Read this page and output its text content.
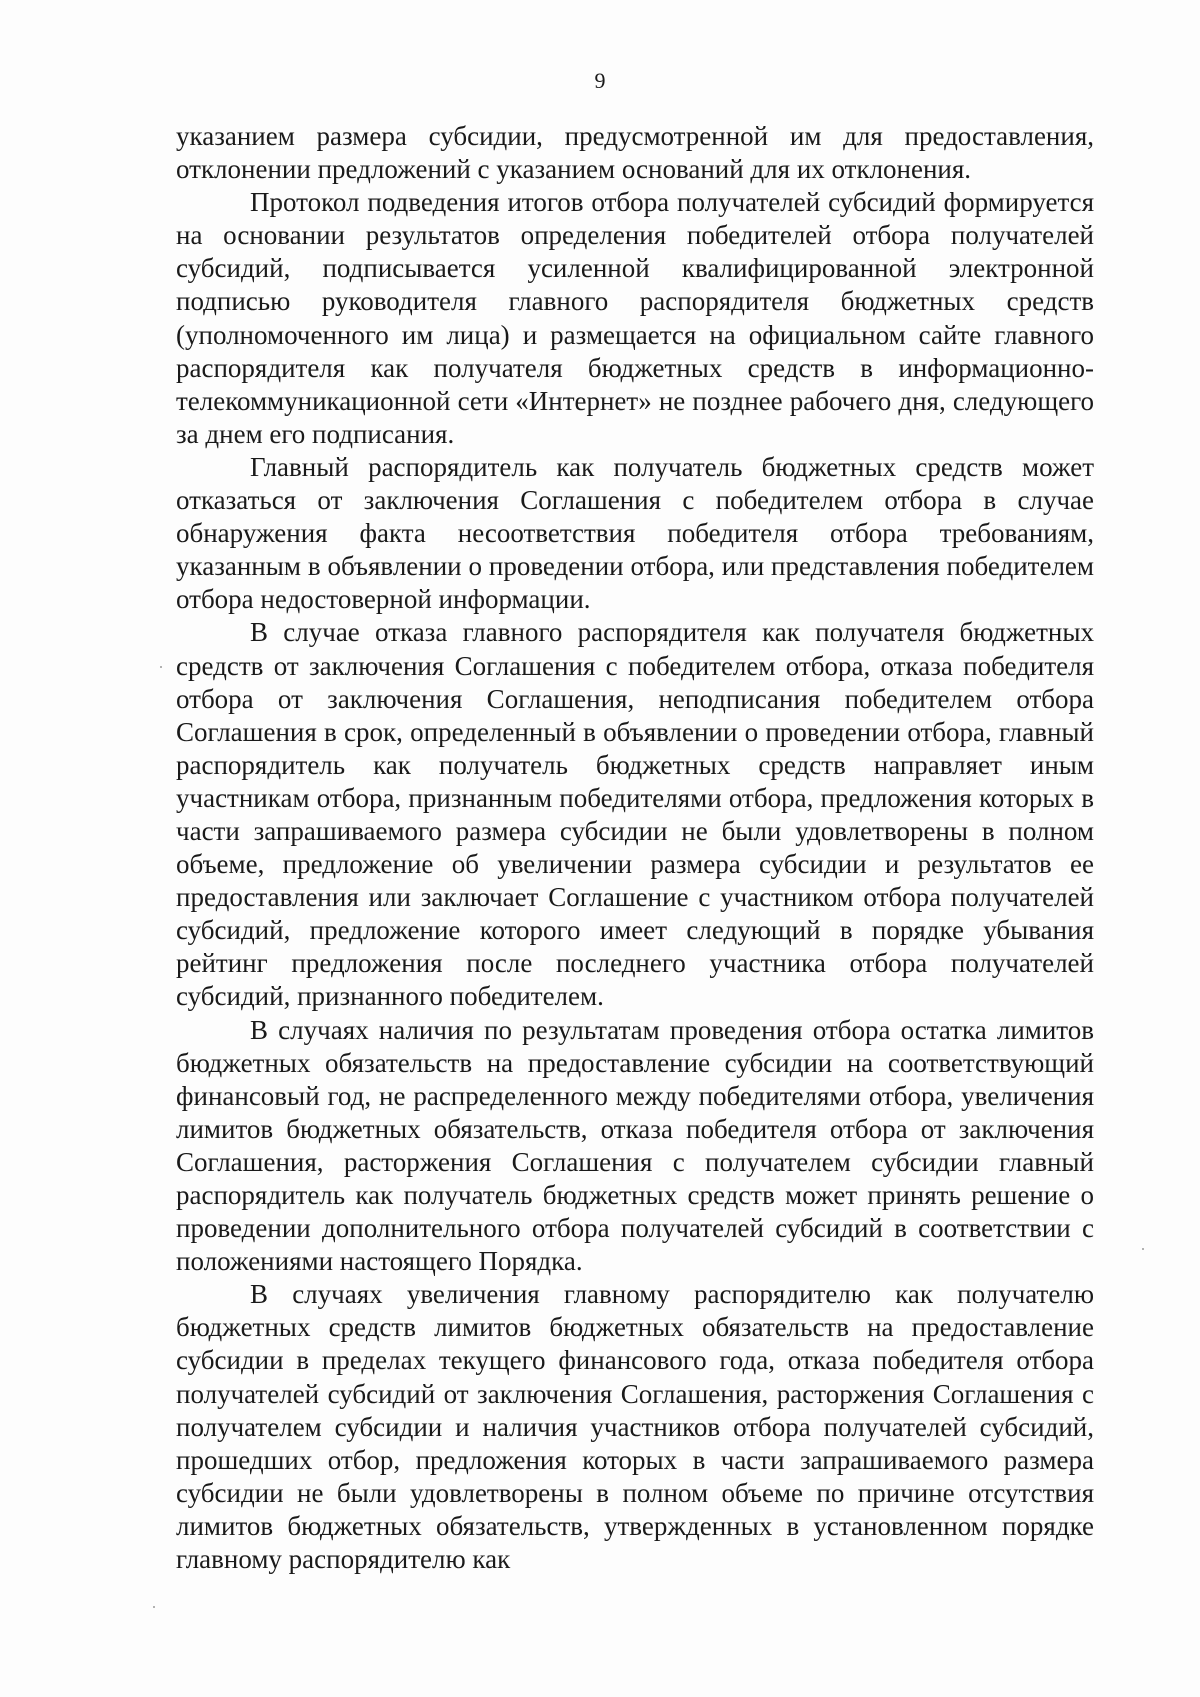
9

указанием размера субсидии, предусмотренной им для предоставления, отклонении предложений с указанием оснований для их отклонения.

Протокол подведения итогов отбора получателей субсидий формируется на основании результатов определения победителей отбора получателей субсидий, подписывается усиленной квалифицированной электронной подписью руководителя главного распорядителя бюджетных средств (уполномоченного им лица) и размещается на официальном сайте главного распорядителя как получателя бюджетных средств в информационно-телекоммуникационной сети «Интернет» не позднее рабочего дня, следующего за днем его подписания.

Главный распорядитель как получатель бюджетных средств может отказаться от заключения Соглашения с победителем отбора в случае обнаружения факта несоответствия победителя отбора требованиям, указанным в объявлении о проведении отбора, или представления победителем отбора недостоверной информации.

В случае отказа главного распорядителя как получателя бюджетных средств от заключения Соглашения с победителем отбора, отказа победителя отбора от заключения Соглашения, неподписания победителем отбора Соглашения в срок, определенный в объявлении о проведении отбора, главный распорядитель как получатель бюджетных средств направляет иным участникам отбора, признанным победителями отбора, предложения которых в части запрашиваемого размера субсидии не были удовлетворены в полном объеме, предложение об увеличении размера субсидии и результатов ее предоставления или заключает Соглашение с участником отбора получателей субсидий, предложение которого имеет следующий в порядке убывания рейтинг предложения после последнего участника отбора получателей субсидий, признанного победителем.

В случаях наличия по результатам проведения отбора остатка лимитов бюджетных обязательств на предоставление субсидии на соответствующий финансовый год, не распределенного между победителями отбора, увеличения лимитов бюджетных обязательств, отказа победителя отбора от заключения Соглашения, расторжения Соглашения с получателем субсидии главный распорядитель как получатель бюджетных средств может принять решение о проведении дополнительного отбора получателей субсидий в соответствии с положениями настоящего Порядка.

В случаях увеличения главному распорядителю как получателю бюджетных средств лимитов бюджетных обязательств на предоставление субсидии в пределах текущего финансового года, отказа победителя отбора получателей субсидий от заключения Соглашения, расторжения Соглашения с получателем субсидии и наличия участников отбора получателей субсидий, прошедших отбор, предложения которых в части запрашиваемого размера субсидии не были удовлетворены в полном объеме по причине отсутствия лимитов бюджетных обязательств, утвержденных в установленном порядке главному распорядителю как
